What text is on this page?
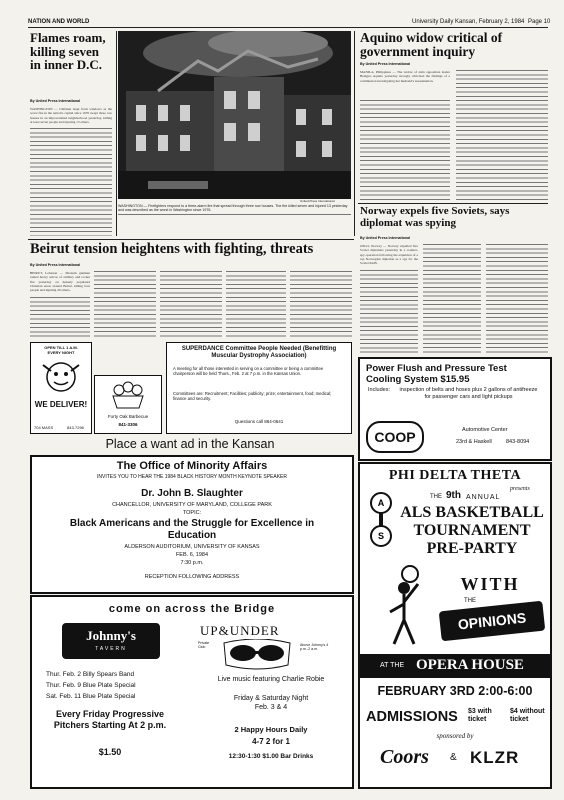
NATION AND WORLD	University Daily Kansan, February 2, 1984 Page 10
Flames roam, killing seven in inner D.C.
By United Press International
WASHINGTON — Children leapt from windows as the worst fire in the nation's capital since 1976 swept three row houses in an impoverished neighborhood yesterday, killing at least seven people and injuring 13 others.
United Press International
WASHINGTON — Firefighters respond to a three-alarm fire that spread through three row houses. The fire killed seven and injured 13 yesterday and was described as the worst in Washington since 1976.
Aquino widow critical of government inquiry
By United Press International
MANILA, Philippines — The widow of slain opposition leader Benigno Aquino yesterday strongly criticized the findings of a commission investigating her husband's assassination.
Norway expels five Soviets, says diplomat was spying
By United Press International
OSLO, Norway — Norway expelled five Soviet diplomats yesterday in a counter-spy operation following the expulsion of a top Norwegian diplomat as a spy for the Soviet KGB.
Beirut tension heightens with fighting, threats
By United Press International
BEIRUT, Lebanon — Moslem gunmen rained heavy salvos of artillery and rocket fire yesterday on densely populated Christian areas around Beirut, killing four people and injuring 20 others.
OPEN TILL 1 A.M.
EVERY NIGHT
WE DELIVER!
704 MASS	843-7296
Forty Oak Barbecue
841-3306
SUPERDANCE Committee People Needed (Benefitting Muscular Dystrophy Association)
A meeting for all those interested in serving on a committee or being a committee chairperson will be held Thurs., Feb. 2 at 7 p.m. in the Kansas Union.
Committees are: Recruitment; Facilities; publicity; prize; entertainment, food; medical; finance and security.
Questions call 864-0641
Power Flush and Pressure Test Cooling System $15.95
Includes:	inspection of belts and hoses plus 2 gallons of antifreeze for passenger cars and light pickups
COOP	Automotive Center
23rd & Haskell	843-8094
Place a want ad in the Kansan
The Office of Minority Affairs
INVITES YOU TO HEAR THE 1984 BLACK HISTORY MONTH KEYNOTE SPEAKER
Dr. John B. Slaughter
CHANCELLOR, UNIVERSITY OF MARYLAND, COLLEGE PARK
TOPIC:
Black Americans and the Struggle for Excellence in Education
ALDERSON AUDITORIUM, UNIVERSITY OF KANSAS
FEB. 6, 1984
7:30 p.m.
RECEPTION FOLLOWING ADDRESS
come on across the Bridge
Johnny's
TAVERN
Thur. Feb. 2 Billy Spears Band
Thur. Feb. 9 Blue Plate Special
Sat. Feb. 11 Blue Plate Special
Every Friday Progressive Pitchers Starting At 2 p.m.
$1.50
UP&UNDER
Private Club
Above Johnny's 4 p.m.-2 a.m.
Live music featuring Charlie Robie
Friday & Saturday Night
Feb. 3 & 4
2 Happy Hours Daily
4-7 2 for 1
12:30-1:30 $1.00 Bar Drinks
PHI DELTA THETA
presents
A
S
THE 9th ANNUAL
ALS BASKETBALL
TOURNAMENT
PRE-PARTY
WITH
THE
OPINIONS
AT THE OPERA HOUSE
FEBRUARY 3RD 2:00-6:00
ADMISSIONS $3 with ticket
$4 without ticket
sponsored by
Coors & KLZR
